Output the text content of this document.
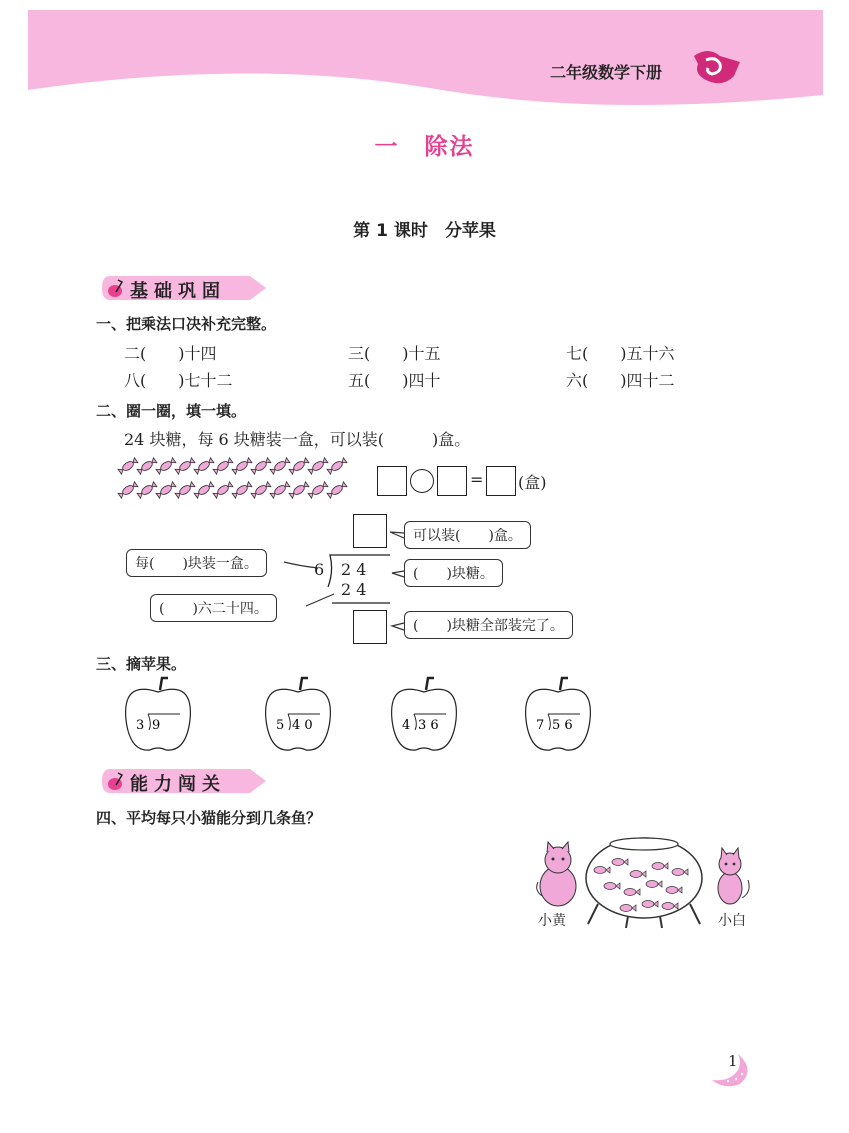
二年级数学下册
一　除法
第 1 课时　分苹果
基础巩固
一、把乘法口决补充完整。
二(　　)十四	三(　　)十五	七(　　)五十六
八(　　)七十二	五(　　)四十	六(　　)四十二
二、圈一圈，填一填。
24 块糖，每 6 块糖装一盒，可以装(　　　)盒。
= (盒)
6 2 4
2 4
可以装(　　)盒。
每(　　)块装一盒。
(　　)块糖。
(　　)六二十四。
(　　)块糖全部装完了。
三、摘苹果。
3 9	5 4 0	4 3 6	7 5 6
能力闯关
四、平均每只小猫能分到几条鱼？
小黄	小白
1
